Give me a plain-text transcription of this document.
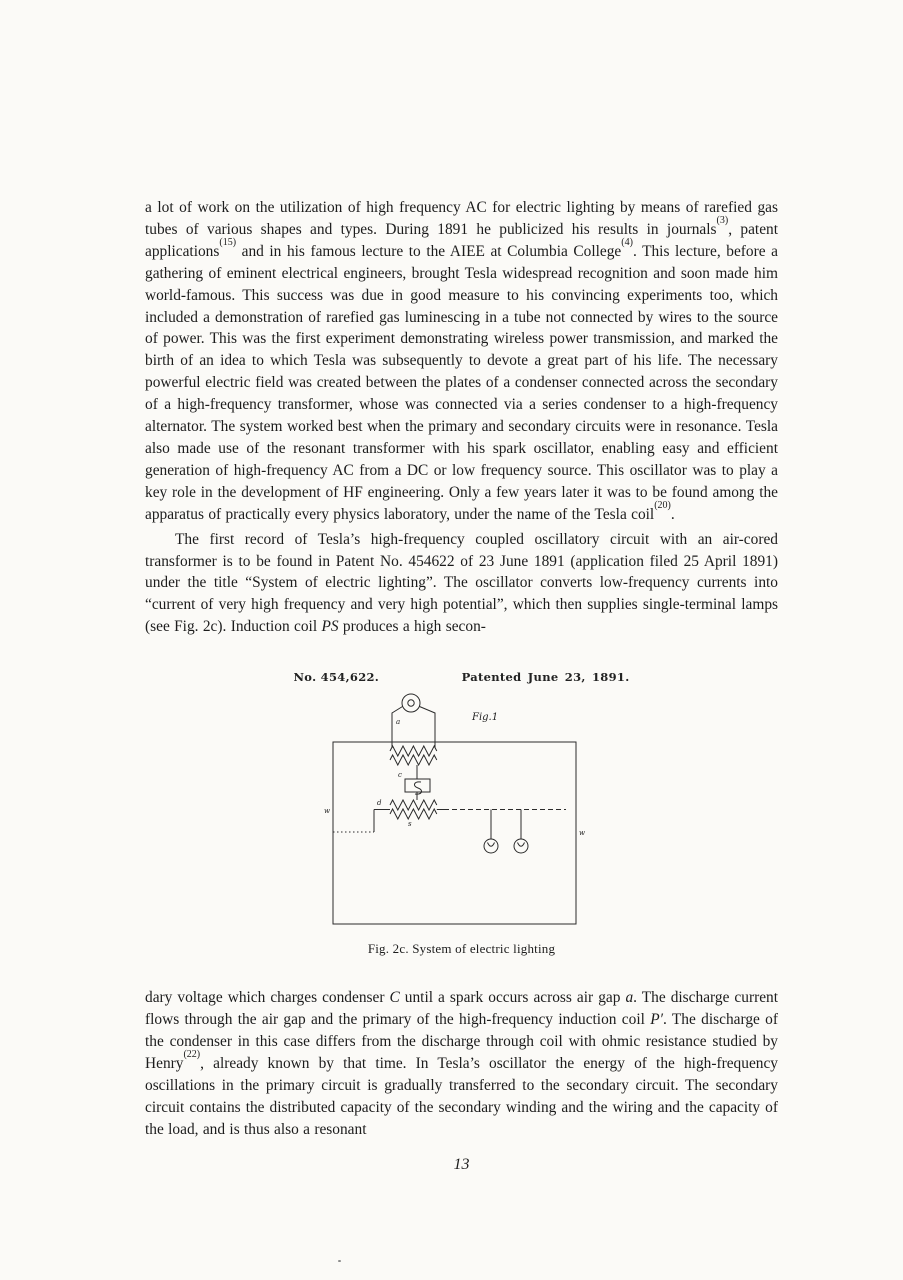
a lot of work on the utilization of high frequency AC for electric lighting by means of rarefied gas tubes of various shapes and types. During 1891 he publicized his results in journals$^{(3)}$, patent applications$^{(15)}$ and in his famous lecture to the AIEE at Columbia College$^{(4)}$. This lecture, before a gathering of eminent electrical engineers, brought Tesla widespread recognition and soon made him world-famous. This success was due in good measure to his convincing experiments too, which included a demonstration of rarefied gas luminescing in a tube not connected by wires to the source of power. This was the first experiment demonstrating wireless power transmission, and marked the birth of an idea to which Tesla was subsequently to devote a great part of his life. The necessary powerful electric field was created between the plates of a condenser connected across the secondary of a high-frequency transformer, whose was connected via a series condenser to a high-frequency alternator. The system worked best when the primary and secondary circuits were in resonance. Tesla also made use of the resonant transformer with his spark oscillator, enabling easy and efficient generation of high-frequency AC from a DC or low frequency source. This oscillator was to play a key role in the development of HF engineering. Only a few years later it was to be found among the apparatus of practically every physics laboratory, under the name of the Tesla coil$^{(20)}$.

The first record of Tesla’s high-frequency coupled oscillatory circuit with an air-cored transformer is to be found in Patent No. 454622 of 23 June 1891 (application filed 25 April 1891) under the title “System of electric lighting”. The oscillator converts low-frequency currents into “current of very high frequency and very high potential”, which then supplies single-terminal lamps (see Fig. 2c). Induction coil PS produces a high secon-

No. 454,622.	Patented June 23, 1891.
a
c
d
s
w
w
Fig.1
Fig. 2c. System of electric lighting

dary voltage which charges condenser C until a spark occurs across air gap a. The discharge current flows through the air gap and the primary of the high-frequency induction coil P′. The discharge of the condenser in this case differs from the discharge through coil with ohmic resistance studied by Henry$^{(22)}$, already known by that time. In Tesla’s oscillator the energy of the high-frequency oscillations in the primary circuit is gradually transferred to the secondary circuit. The secondary circuit contains the distributed capacity of the secondary winding and the wiring and the capacity of the load, and is thus also a resonant

13
